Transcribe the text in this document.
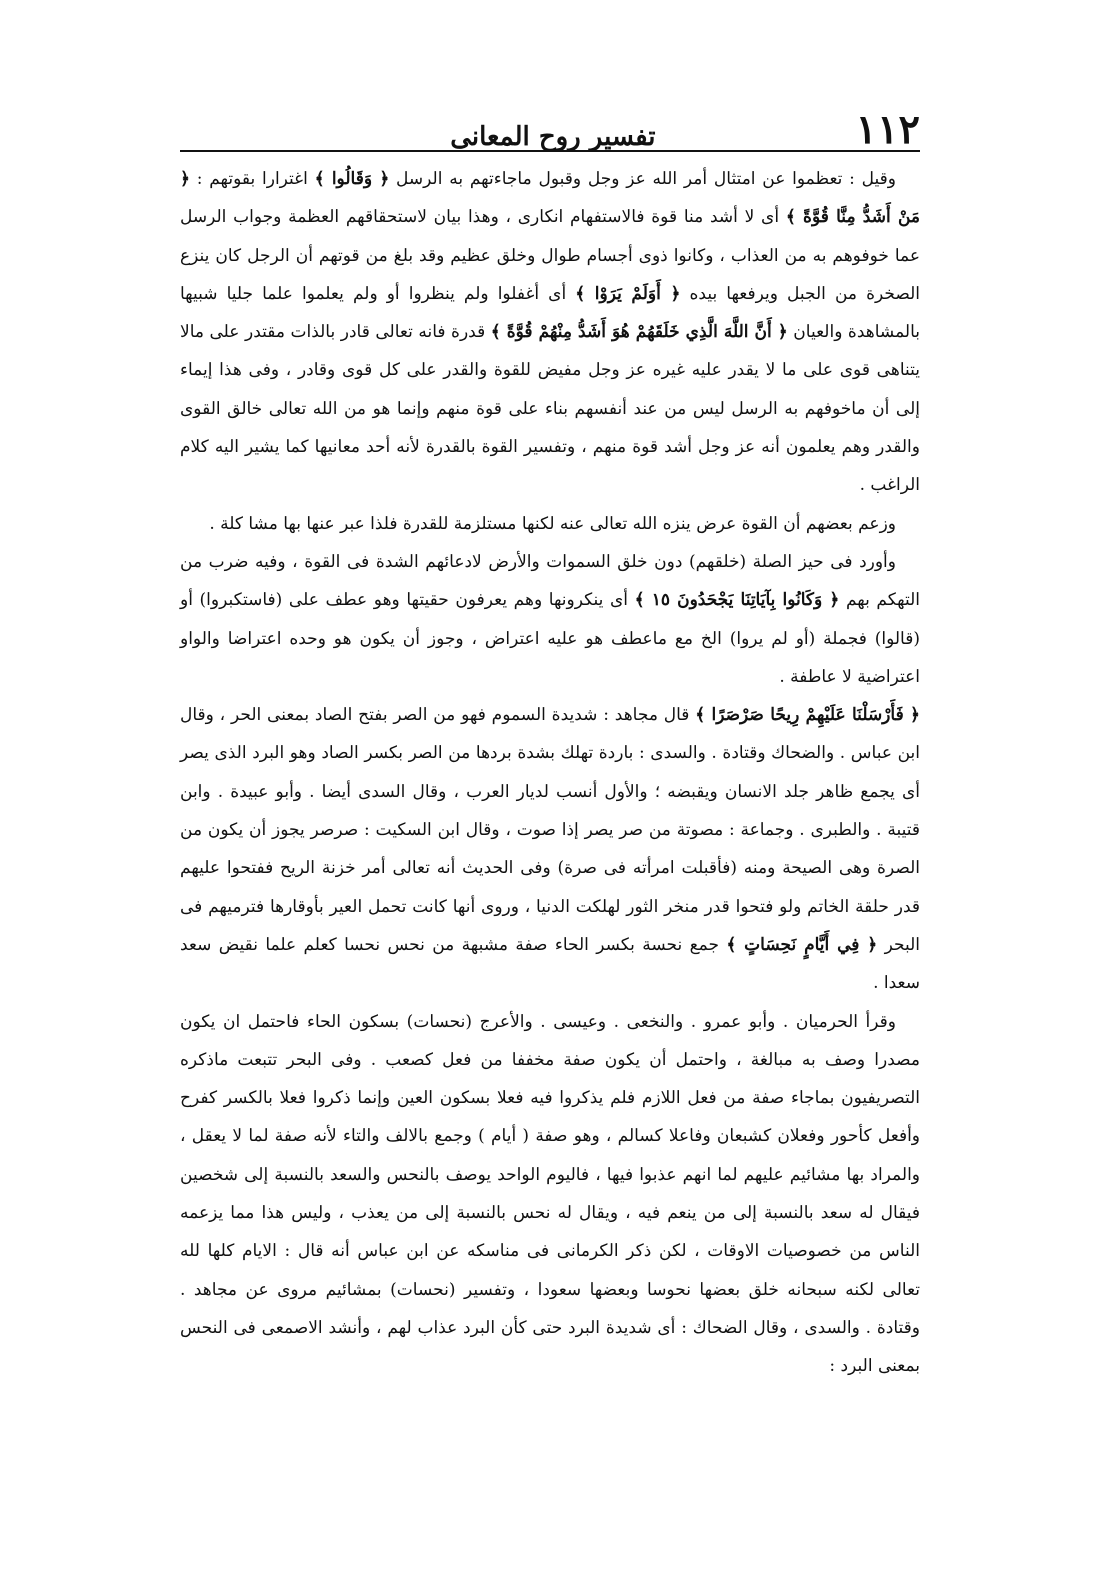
١١٢
تفسير روح المعانى

وقيل : تعظموا عن امتثال أمر الله عز وجل وقبول ماجاءتهم به الرسل ﴿ وَقَالُوا ﴾ اغترارا بقوتهم : ﴿ مَنْ أَشَدُّ مِنَّا قُوَّةً ﴾ أى لا أشد منا قوة فالاستفهام انكارى ، وهذا بيان لاستحقاقهم العظمة وجواب الرسل عما خوفوهم به من العذاب ، وكانوا ذوى أجسام طوال وخلق عظيم وقد بلغ من قوتهم أن الرجل كان ينزع الصخرة من الجبل ويرفعها بيده ﴿ أَوَلَمْ يَرَوْا ﴾ أى أغفلوا ولم ينظروا أو ولم يعلموا علما جليا شبيها بالمشاهدة والعيان ﴿ أَنَّ اللَّهَ الَّذِي خَلَقَهُمْ هُوَ أَشَدُّ مِنْهُمْ قُوَّةً ﴾ قدرة فانه تعالى قادر بالذات مقتدر على مالا يتناهى قوى على ما لا يقدر عليه غيره عز وجل مفيض للقوة والقدر على كل قوى وقادر ، وفى هذا إيماء إلى أن ماخوفهم به الرسل ليس من عند أنفسهم بناء على قوة منهم وإنما هو من الله تعالى خالق القوى والقدر وهم يعلمون أنه عز وجل أشد قوة منهم ، وتفسير القوة بالقدرة لأنه أحد معانيها كما يشير اليه كلام الراغب .

وزعم بعضهم أن القوة عرض ينزه الله تعالى عنه لكنها مستلزمة للقدرة فلذا عبر عنها بها مشا كلة .

وأورد فى حيز الصلة (خلقهم) دون خلق السموات والأرض لادعائهم الشدة فى القوة ، وفيه ضرب من التهكم بهم ﴿ وَكَانُوا بِآيَاتِنَا يَجْحَدُونَ ١٥ ﴾ أى ينكرونها وهم يعرفون حقيتها وهو عطف على (فاستكبروا) أو (قالوا) فجملة (أو لم يروا) الخ مع ماعطف هو عليه اعتراض ، وجوز أن يكون هو وحده اعتراضا والواو اعتراضية لا عاطفة .

﴿ فَأَرْسَلْنَا عَلَيْهِمْ رِيحًا صَرْصَرًا ﴾ قال مجاهد : شديدة السموم فهو من الصر بفتح الصاد بمعنى الحر ، وقال ابن عباس . والضحاك وقتادة . والسدى : باردة تهلك بشدة بردها من الصر بكسر الصاد وهو البرد الذى يصر أى يجمع ظاهر جلد الانسان ويقبضه ؛ والأول أنسب لديار العرب ، وقال السدى أيضا . وأبو عبيدة . وابن قتيبة . والطبرى . وجماعة : مصوتة من صر يصر إذا صوت ، وقال ابن السكيت : صرصر يجوز أن يكون من الصرة وهى الصيحة ومنه (فأقبلت امرأته فى صرة) وفى الحديث أنه تعالى أمر خزنة الريح ففتحوا عليهم قدر حلقة الخاتم ولو فتحوا قدر منخر الثور لهلكت الدنيا ، وروى أنها كانت تحمل العير بأوقارها فترميهم فى البحر ﴿ فِي أَيَّامٍ نَحِسَاتٍ ﴾ جمع نحسة بكسر الحاء صفة مشبهة من نحس نحسا كعلم علما نقيض سعد سعدا .

وقرأ الحرميان . وأبو عمرو . والنخعى . وعيسى . والأعرج (نحسات) بسكون الحاء فاحتمل ان يكون مصدرا وصف به مبالغة ، واحتمل أن يكون صفة مخففا من فعل كصعب . وفى البحر تتبعت ماذكره التصريفيون بماجاء صفة من فعل اللازم فلم يذكروا فيه فعلا بسكون العين وإنما ذكروا فعلا بالكسر كفرح وأفعل كأحور وفعلان كشبعان وفاعلا كسالم ، وهو صفة ( أيام ) وجمع بالالف والتاء لأنه صفة لما لا يعقل ، والمراد بها مشائيم عليهم لما انهم عذبوا فيها ، فاليوم الواحد يوصف بالنحس والسعد بالنسبة إلى شخصين فيقال له سعد بالنسبة إلى من ينعم فيه ، ويقال له نحس بالنسبة إلى من يعذب ، وليس هذا مما يزعمه الناس من خصوصيات الاوقات ، لكن ذكر الكرمانى فى مناسكه عن ابن عباس أنه قال : الايام كلها لله تعالى لكنه سبحانه خلق بعضها نحوسا وبعضها سعودا ، وتفسير (نحسات) بمشائيم مروى عن مجاهد . وقتادة . والسدى ، وقال الضحاك : أى شديدة البرد حتى كأن البرد عذاب لهم ، وأنشد الاصمعى فى النحس بمعنى البرد :
